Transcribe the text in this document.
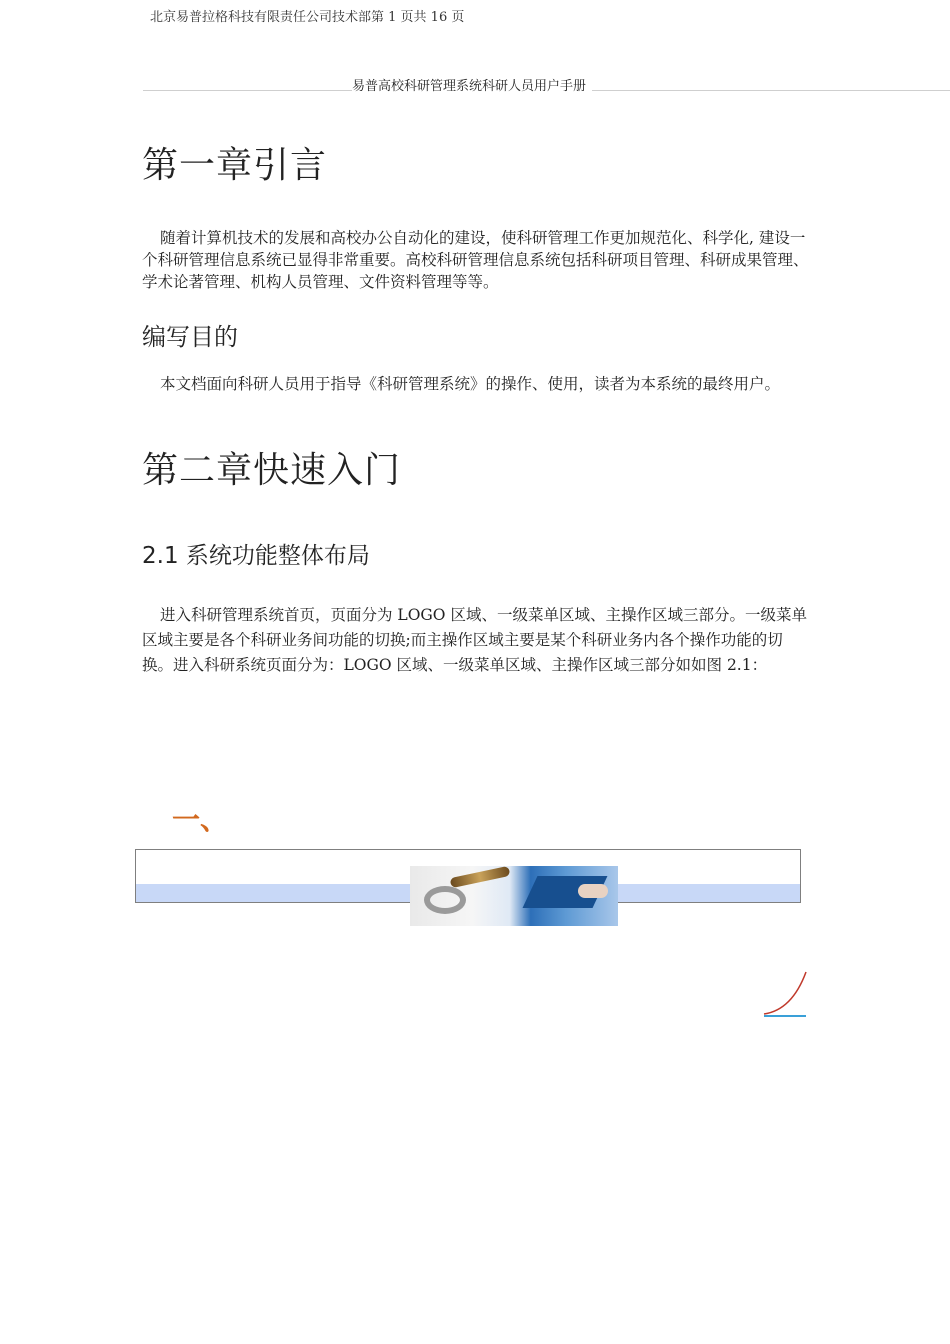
北京易普拉格科技有限责任公司技术部第 1 页共 16 页
易普高校科研管理系统科研人员用户手册
第一章引言
随着计算机技术的发展和高校办公自动化的建设，使科研管理工作更加规范化、科学化, 建设一个科研管理信息系统已显得非常重要。高校科研管理信息系统包括科研项目管理、科研成果管理、学术论著管理、机构人员管理、文件资料管理等等。
编写目的
本文档面向科研人员用于指导《科研管理系统》的操作、使用，读者为本系统的最终用户。
第二章快速入门
2.1 系统功能整体布局
进入科研管理系统首页，页面分为 LOGO 区域、一级菜单区域、主操作区域三部分。一级菜单区域主要是各个科研业务间功能的切换;而主操作区域主要是某个科研业务内各个操作功能的切换。进入科研系统页面分为：LOGO 区域、一级菜单区域、主操作区域三部分如如图 2.1：
一、
